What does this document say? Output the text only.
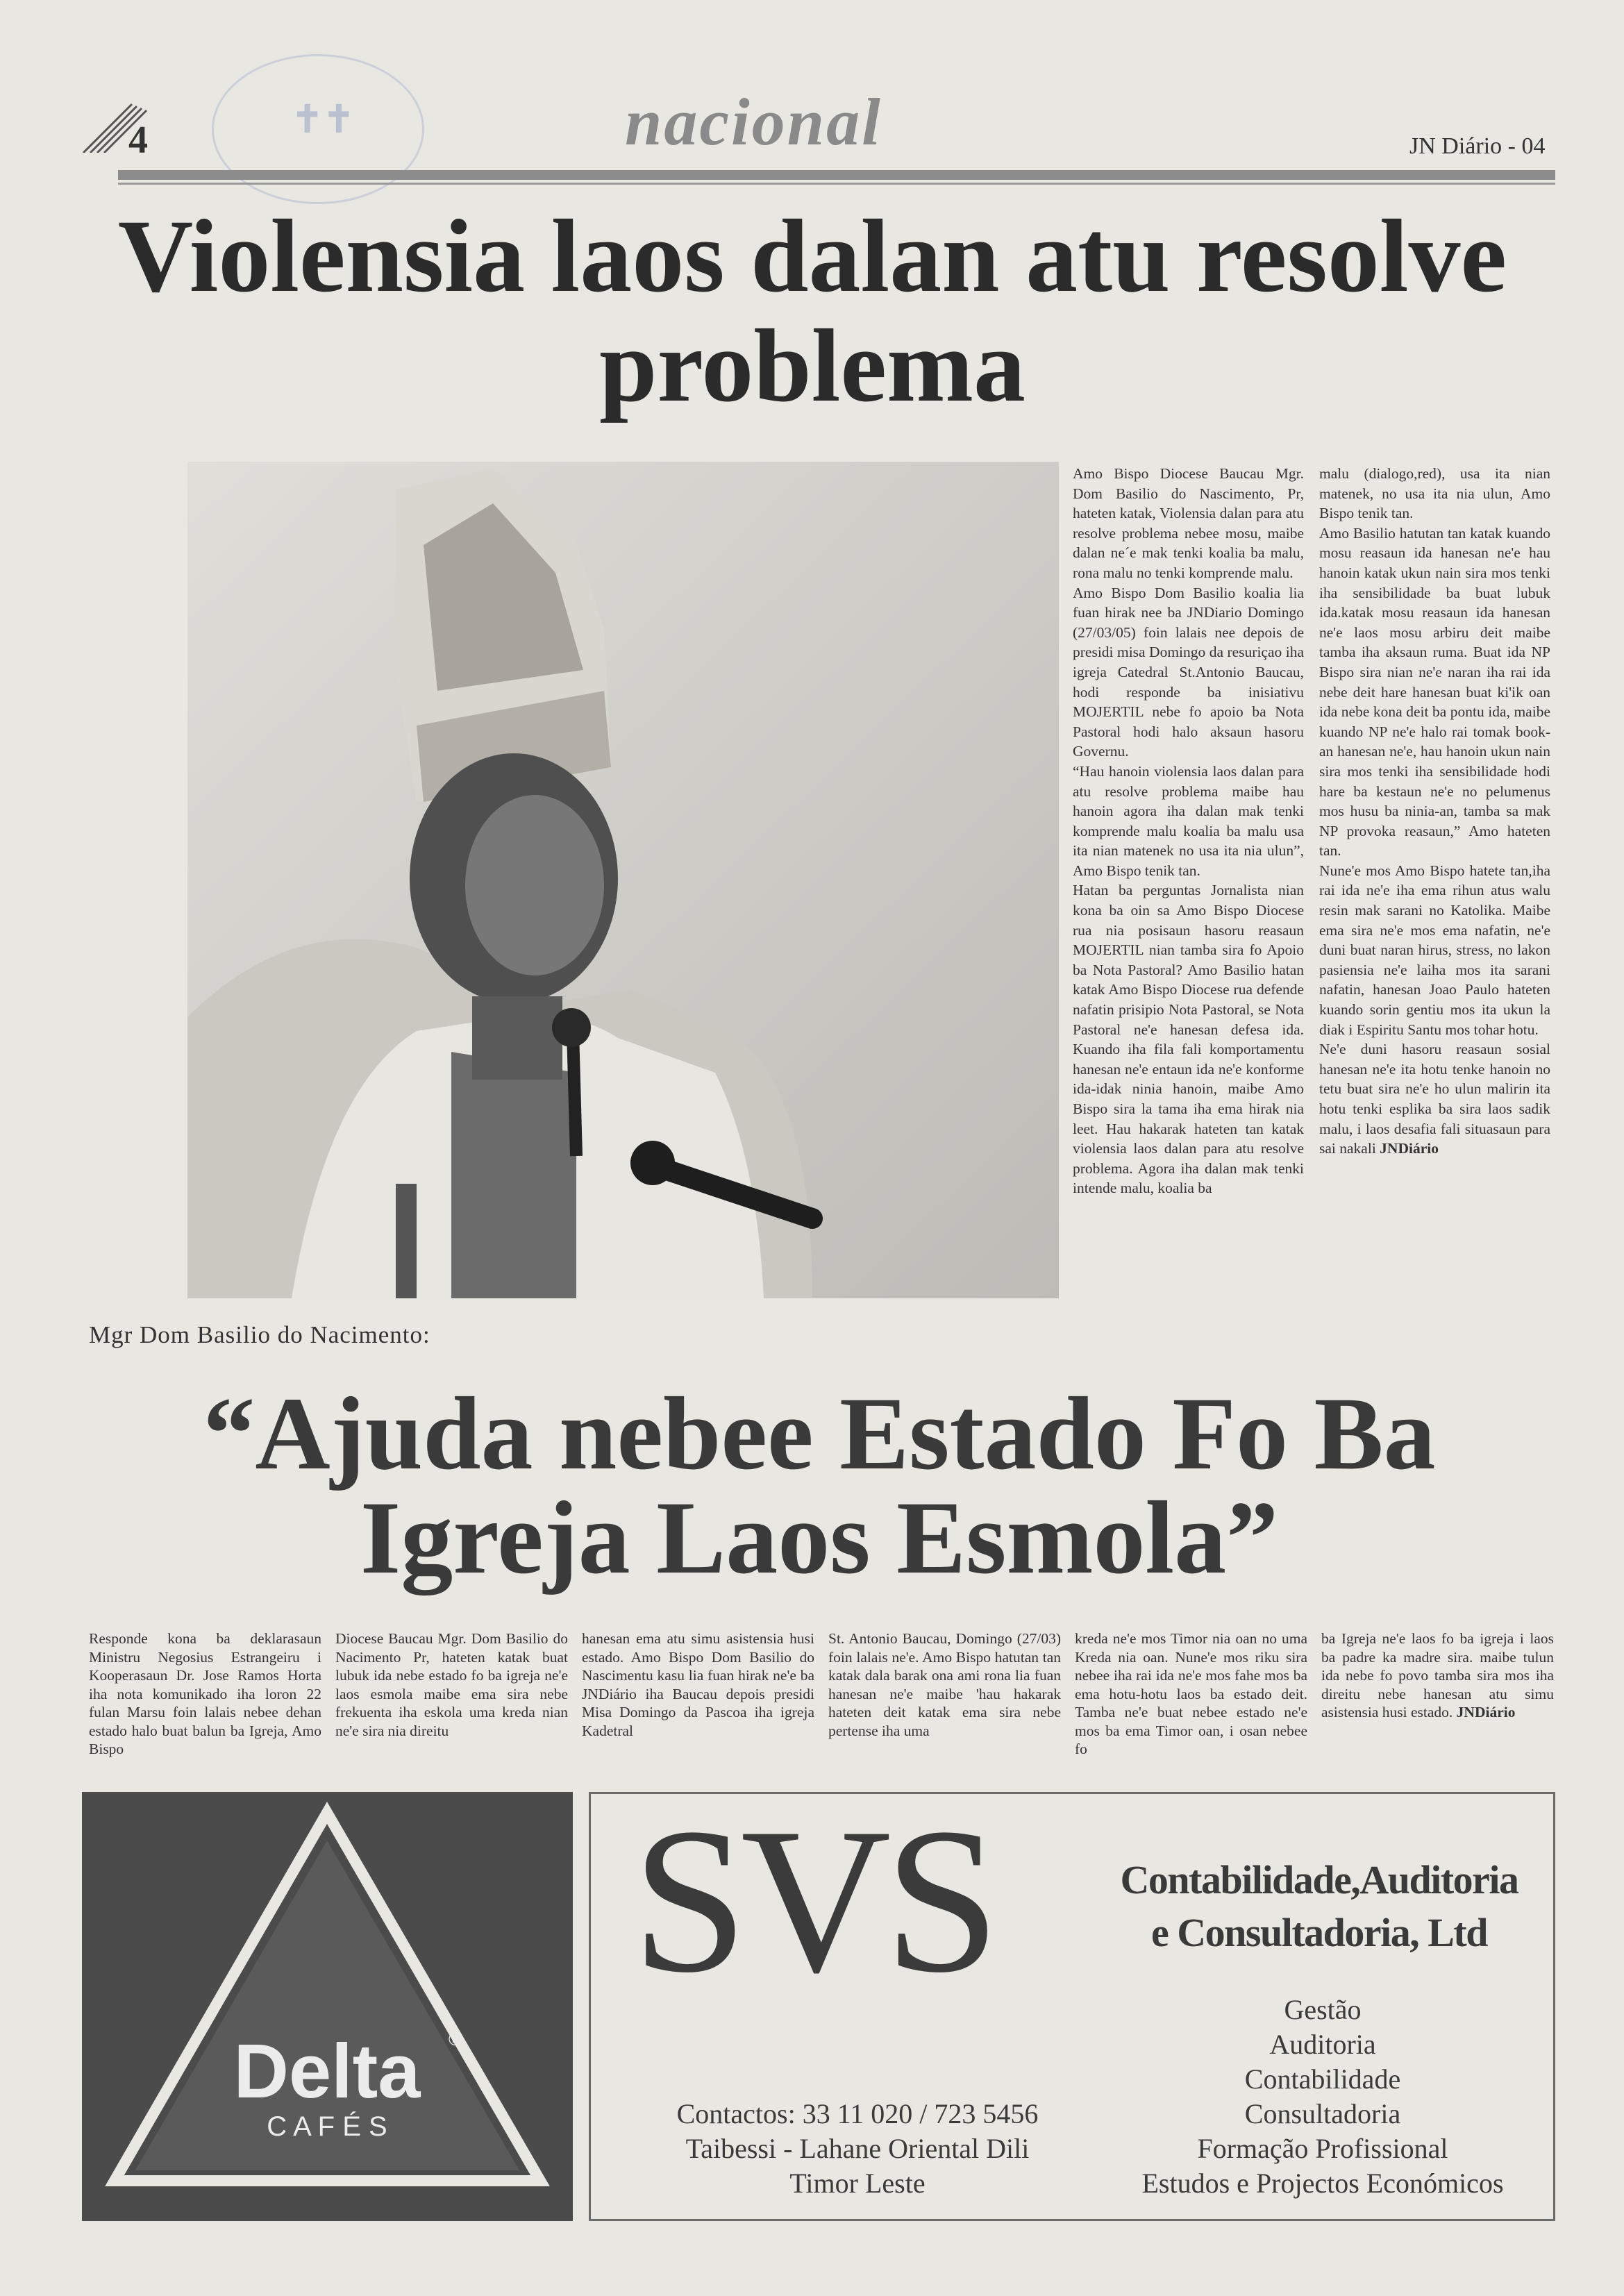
4	✝✝	nacional	JN Diário - 04
Violensia laos dalan atu resolve problema

Amo Bispo Diocese Baucau Mgr. Dom Basilio do Nascimento, Pr, hateten katak, Violensia dalan para atu resolve problema nebee mosu, maibe dalan ne´e mak tenki koalia ba malu, rona malu no tenki komprende malu.

Amo Bispo Dom Basilio koalia lia fuan hirak nee ba JNDiario Domingo (27/03/05) foin lalais nee depois de presidi misa Domingo da resuriçao iha igreja Catedral St.Antonio Baucau, hodi responde ba inisiativu MOJERTIL nebe fo apoio ba Nota Pastoral hodi halo aksaun hasoru Governu.

“Hau hanoin violensia laos dalan para atu resolve problema maibe hau hanoin agora iha dalan mak tenki komprende malu koalia ba malu usa ita nian matenek no usa ita nia ulun”, Amo Bispo tenik tan.

Hatan ba perguntas Jornalista nian kona ba oin sa Amo Bispo Diocese rua nia posisaun hasoru reasaun MOJERTIL nian tamba sira fo Apoio ba Nota Pastoral? Amo Basilio hatan katak Amo Bispo Diocese rua defende nafatin prisipio Nota Pastoral, se Nota Pastoral ne'e hanesan defesa ida. Kuando iha fila fali komportamentu hanesan ne'e entaun ida ne'e konforme ida-idak ninia hanoin, maibe Amo Bispo sira la tama iha ema hirak nia leet. Hau hakarak hateten tan katak violensia laos dalan para atu resolve problema. Agora iha dalan mak tenki intende malu, koalia ba

malu (dialogo,red), usa ita nian matenek, no usa ita nia ulun, Amo Bispo tenik tan.

Amo Basilio hatutan tan katak kuando mosu reasaun ida hanesan ne'e hau hanoin katak ukun nain sira mos tenki iha sensibilidade ba buat lubuk ida.katak mosu reasaun ida hanesan ne'e laos mosu arbiru deit maibe tamba iha aksaun ruma. Buat ida NP Bispo sira nian ne'e naran iha rai ida nebe deit hare hanesan buat ki'ik oan ida nebe kona deit ba pontu ida, maibe kuando NP ne'e halo rai tomak book-an hanesan ne'e, hau hanoin ukun nain sira mos tenki iha sensibilidade hodi hare ba kestaun ne'e no pelumenus mos husu ba ninia-an, tamba sa mak NP provoka reasaun,” Amo hateten tan.

Nune'e mos Amo Bispo hatete tan,iha rai ida ne'e iha ema rihun atus walu resin mak sarani no Katolika. Maibe ema sira ne'e mos ema nafatin, ne'e duni buat naran hirus, stress, no lakon pasiensia ne'e laiha mos ita sarani nafatin, hanesan Joao Paulo hateten kuando sorin gentiu mos ita ukun la diak i Espiritu Santu mos tohar hotu.

Ne'e duni hasoru reasaun sosial hanesan ne'e ita hotu tenke hanoin no tetu buat sira ne'e ho ulun malirin ita hotu tenki esplika ba sira laos sadik malu, i laos desafia fali situasaun para sai nakali JNDiário

Mgr Dom Basilio do Nacimento:
“Ajuda nebee Estado Fo Ba Igreja Laos Esmola”
Responde kona ba deklarasaun Ministru Negosius Estrangeiru i Kooperasaun Dr. Jose Ramos Horta iha nota komunikado iha loron 22 fulan Marsu foin lalais nebee dehan estado halo buat balun ba Igreja, Amo Bispo
Diocese Baucau Mgr. Dom Basilio do Nacimento Pr, hateten katak buat lubuk ida nebe estado fo ba igreja ne'e laos esmola maibe ema sira nebe frekuenta iha eskola uma kreda nian ne'e sira nia direitu
hanesan ema atu simu asistensia husi estado. Amo Bispo Dom Basilio do Nascimentu kasu lia fuan hirak ne'e ba JNDiário iha Baucau depois presidi Misa Domingo da Pascoa iha igreja Kadetral
St. Antonio Baucau, Domingo (27/03) foin lalais ne'e. Amo Bispo hatutan tan katak dala barak ona ami rona lia fuan hanesan ne'e maibe 'hau hakarak hateten deit katak ema sira nebe pertense iha uma
kreda ne'e mos Timor nia oan no uma Kreda nia oan. Nune'e mos riku sira nebee iha rai ida ne'e mos fahe mos ba ema hotu-hotu laos ba estado deit. Tamba ne'e buat nebee estado ne'e mos ba ema Timor oan, i osan nebee fo
ba Igreja ne'e laos fo ba igreja i laos ba padre ka madre sira. maibe tulun ida nebe fo povo tamba sira mos iha direitu nebe hanesan atu simu asistensia husi estado. JNDiário
Delta ®
C A F É S
SVS	Contabilidade,Auditoria
e Consultadoria, Ltd
Gestão
Auditoria
Contabilidade
Consultadoria
Formação Profissional
Estudos e Projectos Económicos
Contactos: 33 11 020 / 723 5456
Taibessi - Lahane Oriental Dili
Timor Leste
